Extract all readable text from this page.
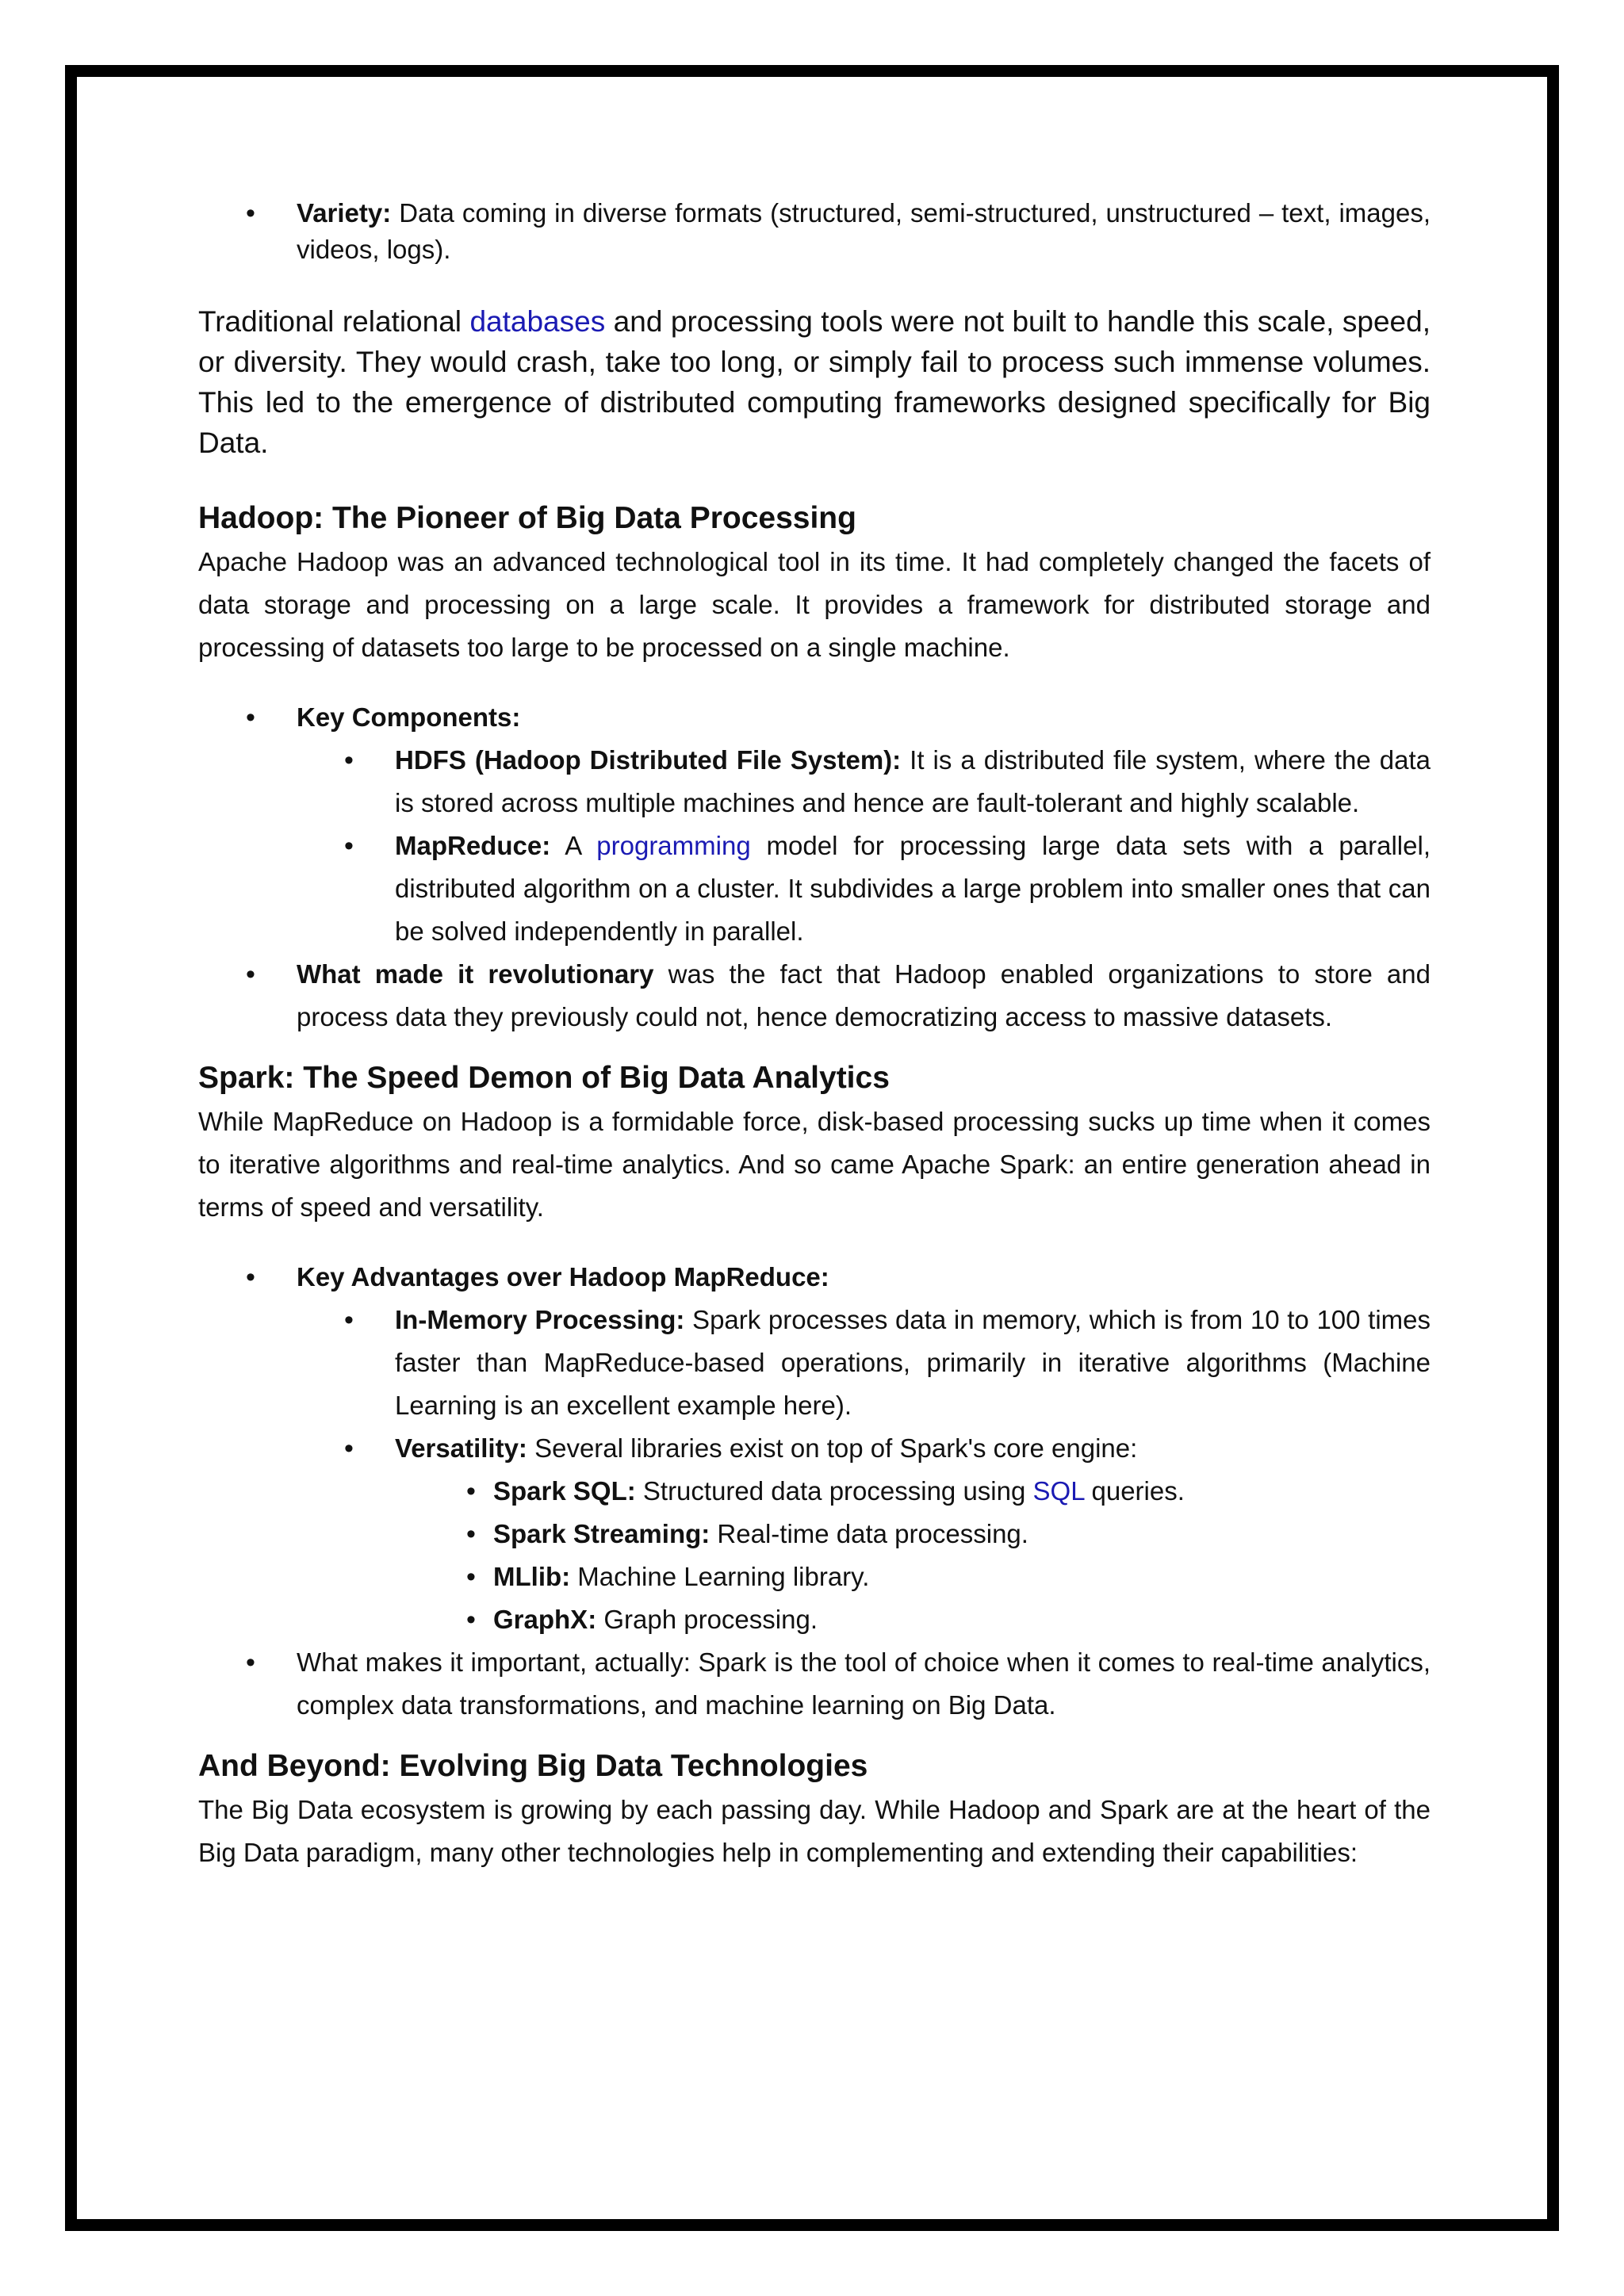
• Variety: Data coming in diverse formats (structured, semi-structured, unstructured – text, images, videos, logs).

Traditional relational databases and processing tools were not built to handle this scale, speed, or diversity. They would crash, take too long, or simply fail to process such immense volumes. This led to the emergence of distributed computing frameworks designed specifically for Big Data.

Hadoop: The Pioneer of Big Data Processing

Apache Hadoop was an advanced technological tool in its time. It had completely changed the facets of data storage and processing on a large scale. It provides a framework for distributed storage and processing of datasets too large to be processed on a single machine.

• Key Components:
• HDFS (Hadoop Distributed File System): It is a distributed file system, where the data is stored across multiple machines and hence are fault-tolerant and highly scalable.
• MapReduce: A programming model for processing large data sets with a parallel, distributed algorithm on a cluster. It subdivides a large problem into smaller ones that can be solved independently in parallel.
• What made it revolutionary was the fact that Hadoop enabled organizations to store and process data they previously could not, hence democratizing access to massive datasets.
Spark: The Speed Demon of Big Data Analytics

While MapReduce on Hadoop is a formidable force, disk-based processing sucks up time when it comes to iterative algorithms and real-time analytics. And so came Apache Spark: an entire generation ahead in terms of speed and versatility.

• Key Advantages over Hadoop MapReduce:
• In-Memory Processing: Spark processes data in memory, which is from 10 to 100 times faster than MapReduce-based operations, primarily in iterative algorithms (Machine Learning is an excellent example here).
• Versatility: Several libraries exist on top of Spark's core engine:
• Spark SQL: Structured data processing using SQL queries.
• Spark Streaming: Real-time data processing.
• MLlib: Machine Learning library.
• GraphX: Graph processing.
• What makes it important, actually: Spark is the tool of choice when it comes to real-time analytics, complex data transformations, and machine learning on Big Data.
And Beyond: Evolving Big Data Technologies

The Big Data ecosystem is growing by each passing day. While Hadoop and Spark are at the heart of the Big Data paradigm, many other technologies help in complementing and extending their capabilities:
